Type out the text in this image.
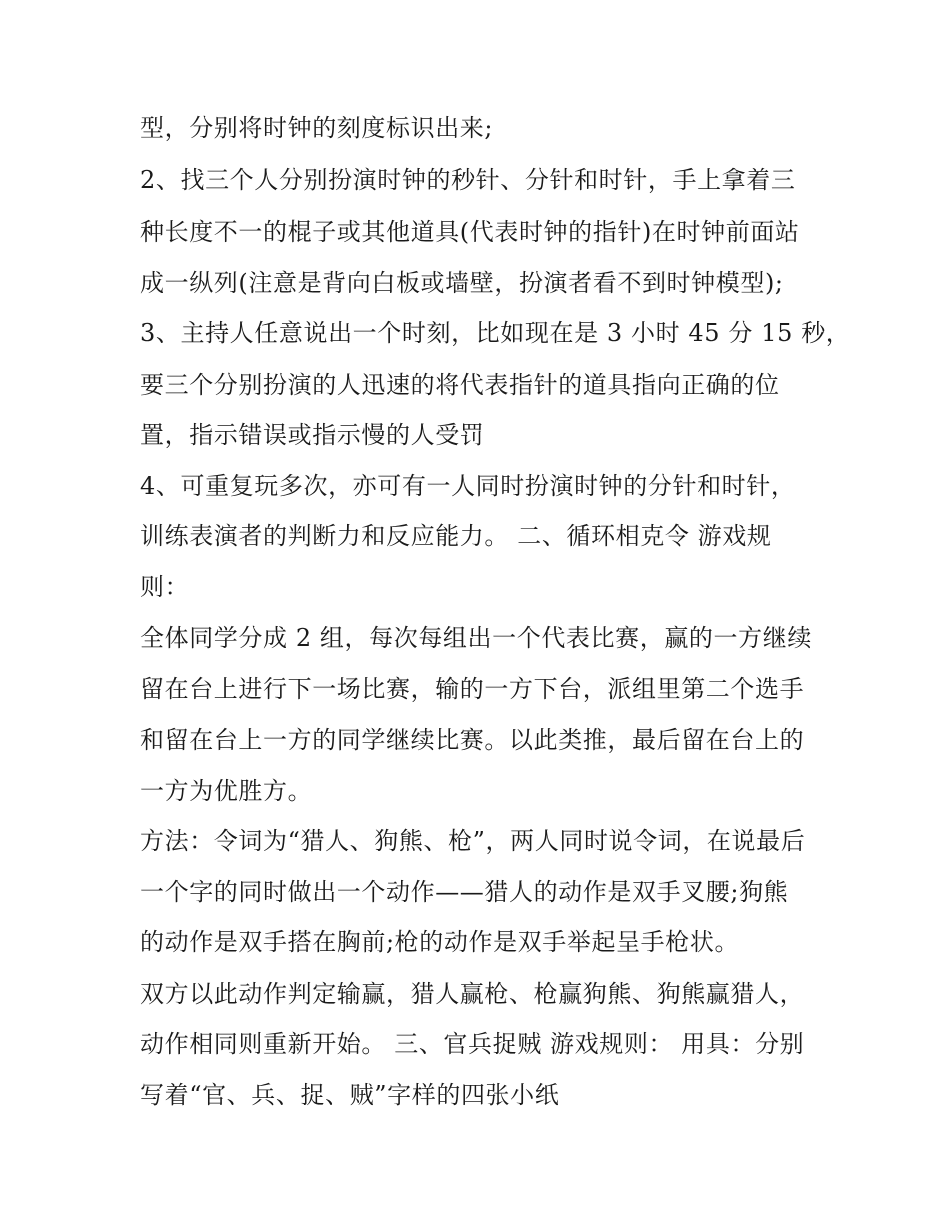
型，分别将时钟的刻度标识出来;
2、找三个人分别扮演时钟的秒针、分针和时针，手上拿着三
种长度不一的棍子或其他道具(代表时钟的指针)在时钟前面站
成一纵列(注意是背向白板或墙壁，扮演者看不到时钟模型);
3、主持人任意说出一个时刻，比如现在是 3 小时 45 分 15 秒，
要三个分别扮演的人迅速的将代表指针的道具指向正确的位
置，指示错误或指示慢的人受罚
4、可重复玩多次，亦可有一人同时扮演时钟的分针和时针，
训练表演者的判断力和反应能力。 二、循环相克令 游戏规
则：
全体同学分成 2 组，每次每组出一个代表比赛，赢的一方继续
留在台上进行下一场比赛，输的一方下台，派组里第二个选手
和留在台上一方的同学继续比赛。以此类推，最后留在台上的
一方为优胜方。
方法：令词为“猎人、狗熊、枪”，两人同时说令词，在说最后
一个字的同时做出一个动作——猎人的动作是双手叉腰;狗熊
的动作是双手搭在胸前;枪的动作是双手举起呈手枪状。
双方以此动作判定输赢，猎人赢枪、枪赢狗熊、狗熊赢猎人，
动作相同则重新开始。 三、官兵捉贼 游戏规则： 用具：分别
写着“官、兵、捉、贼”字样的四张小纸
